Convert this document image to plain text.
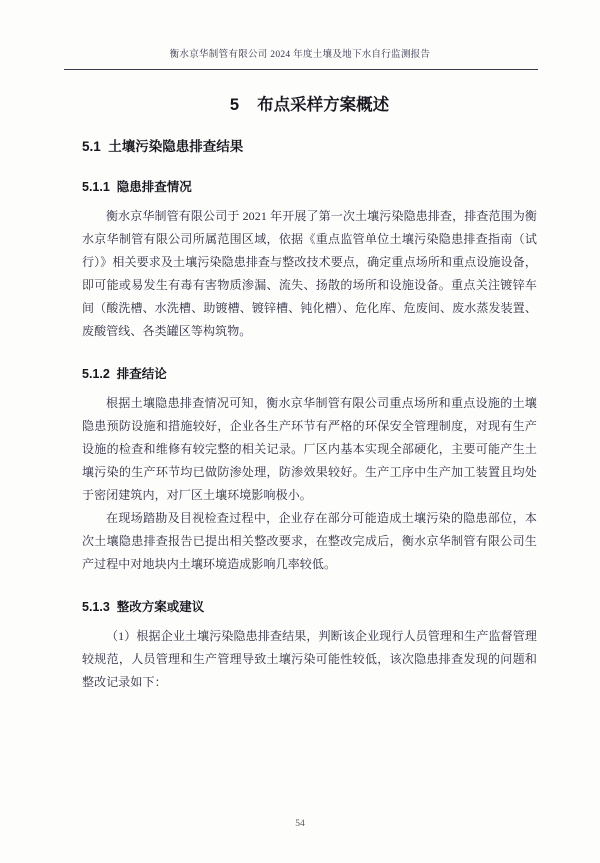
衡水京华制管有限公司 2024 年度土壤及地下水自行监测报告
5 布点采样方案概述
5.1  土壤污染隐患排查结果
5.1.1  隐患排查情况

衡水京华制管有限公司于 2021 年开展了第一次土壤污染隐患排查，排查范围为衡水京华制管有限公司所属范围区域，依据《重点监管单位土壤污染隐患排查指南（试行）》相关要求及土壤污染隐患排查与整改技术要点，确定重点场所和重点设施设备，即可能或易发生有毒有害物质渗漏、流失、扬散的场所和设施设备。重点关注镀锌车间（酸洗槽、水洗槽、助镀槽、镀锌槽、钝化槽）、危化库、危废间、废水蒸发装置、废酸管线、各类罐区等构筑物。

5.1.2  排查结论

根据土壤隐患排查情况可知，衡水京华制管有限公司重点场所和重点设施的土壤隐患预防设施和措施较好，企业各生产环节有严格的环保安全管理制度，对现有生产设施的检查和维修有较完整的相关记录。厂区内基本实现全部硬化，主要可能产生土壤污染的生产环节均已做防渗处理，防渗效果较好。生产工序中生产加工装置且均处于密闭建筑内，对厂区土壤环境影响极小。

在现场踏勘及目视检查过程中，企业存在部分可能造成土壤污染的隐患部位，本次土壤隐患排查报告已提出相关整改要求，在整改完成后，衡水京华制管有限公司生产过程中对地块内土壤环境造成影响几率较低。

5.1.3  整改方案或建议

（1）根据企业土壤污染隐患排查结果，判断该企业现行人员管理和生产监督管理较规范，人员管理和生产管理导致土壤污染可能性较低，该次隐患排查发现的问题和整改记录如下：

54
